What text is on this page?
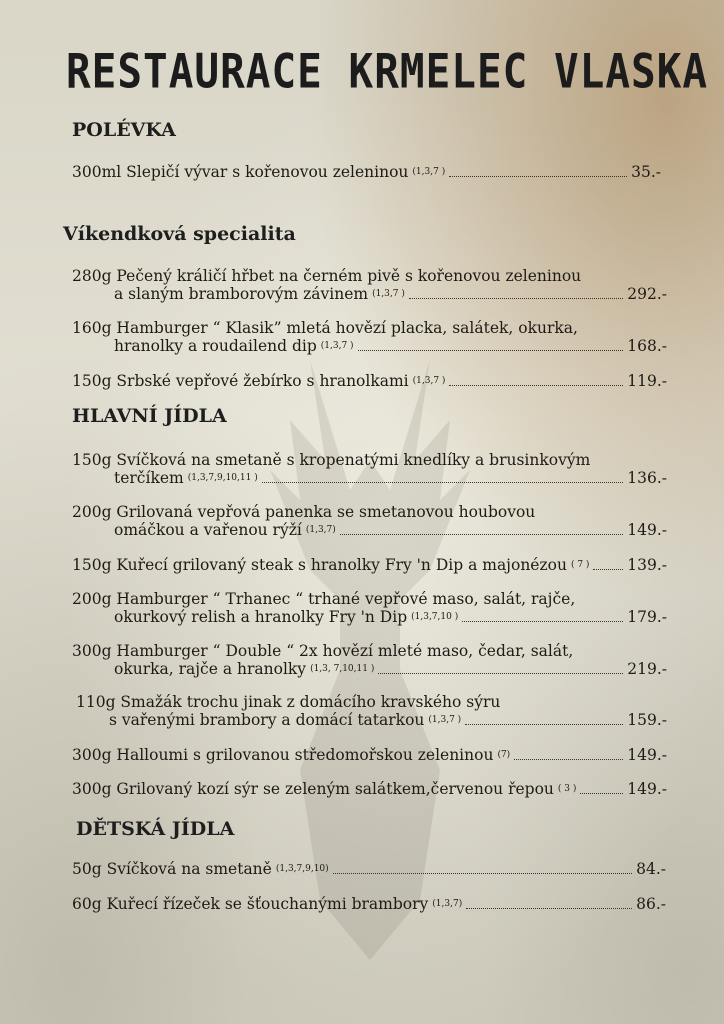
RESTAURACE KRMELEC VLASKA
POLÉVKA
300ml Slepičí vývar s kořenovou zeleninou (1,3,7 )	35.-
Víkendková specialita
280g Pečený králičí hřbet na černém pivě s kořenovou zeleninou
a slaným bramborovým závinem (1,3,7 )	292.-
160g Hamburger “ Klasik” mletá hovězí placka, salátek, okurka,
hranolky a roudailend dip (1,3,7 )	168.-
150g Srbské vepřové žebírko s hranolkami (1,3,7 )	119.-
HLAVNÍ JÍDLA
150g Svíčková na smetaně s kropenatými knedlíky a brusinkovým
terčíkem (1,3,7,9,10,11 )	136.-
200g Grilovaná vepřová panenka se smetanovou houbovou
omáčkou a vařenou rýží (1,3,7)	149.-
150g Kuřecí grilovaný steak s hranolky Fry 'n Dip a majonézou ( 7 ) 139.-
200g Hamburger “ Trhanec “ trhané vepřové maso, salát, rajče,
okurkový relish a hranolky Fry 'n Dip (1,3,7,10 )	179.-
300g Hamburger “ Double “ 2x hovězí mleté maso, čedar, salát,
okurka, rajče a hranolky (1,3, 7,10,11 )	219.-
110g Smažák trochu jinak z domácího kravského sýru
s vařenými brambory a domácí tatarkou (1,3,7 )	159.-
300g Halloumi s grilovanou středomořskou zeleninou (7)	149.-
300g Grilovaný kozí sýr se zeleným salátkem,červenou řepou ( 3 )	149.-
DĚTSKÁ JÍDLA
50g Svíčková na smetaně (1,3,7,9,10)	84.-
60g Kuřecí řízeček se šťouchanými brambory (1,3,7)	86.-
